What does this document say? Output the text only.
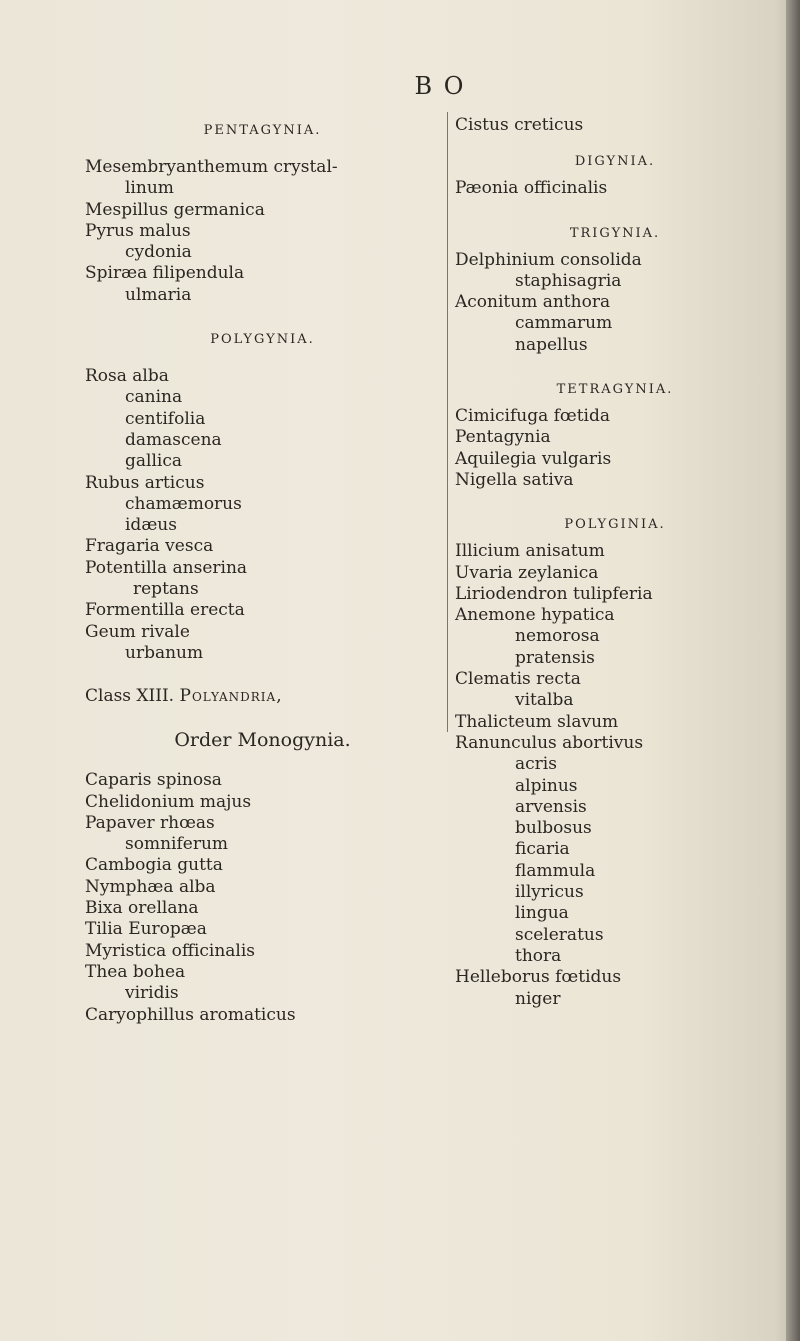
B O
PENTAGYNIA.
Mesembryanthemum crystal-
linum
Mespillus germanica
Pyrus malus
cydonia
Spiræa filipendula
ulmaria
POLYGYNIA.
Rosa alba
canina
centifolia
damascena
gallica
Rubus articus
chamæmorus
idæus
Fragaria vesca
Potentilla anserina
reptans
Formentilla erecta
Geum rivale
urbanum
Class XIII. Polyandria,
Order Monogynia.
Caparis spinosa
Chelidonium majus
Papaver rhœas
somniferum
Cambogia gutta
Nymphæa alba
Bixa orellana
Tilia Europæa
Myristica officinalis
Thea bohea
viridis
Caryophillus aromaticus
Cistus creticus
DIGYNIA.
Pæonia officinalis
TRIGYNIA.
Delphinium consolida
staphisagria
Aconitum anthora
cammarum
napellus
TETRAGYNIA.
Cimicifuga fœtida
Pentagynia
Aquilegia vulgaris
Nigella sativa
POLYGINIA.
Illicium anisatum
Uvaria zeylanica
Liriodendron tulipferia
Anemone hypatica
nemorosa
pratensis
Clematis recta
vitalba
Thalicteum slavum
Ranunculus abortivus
acris
alpinus
arvensis
bulbosus
ficaria
flammula
illyricus
lingua
sceleratus
thora
Helleborus fœtidus
niger
